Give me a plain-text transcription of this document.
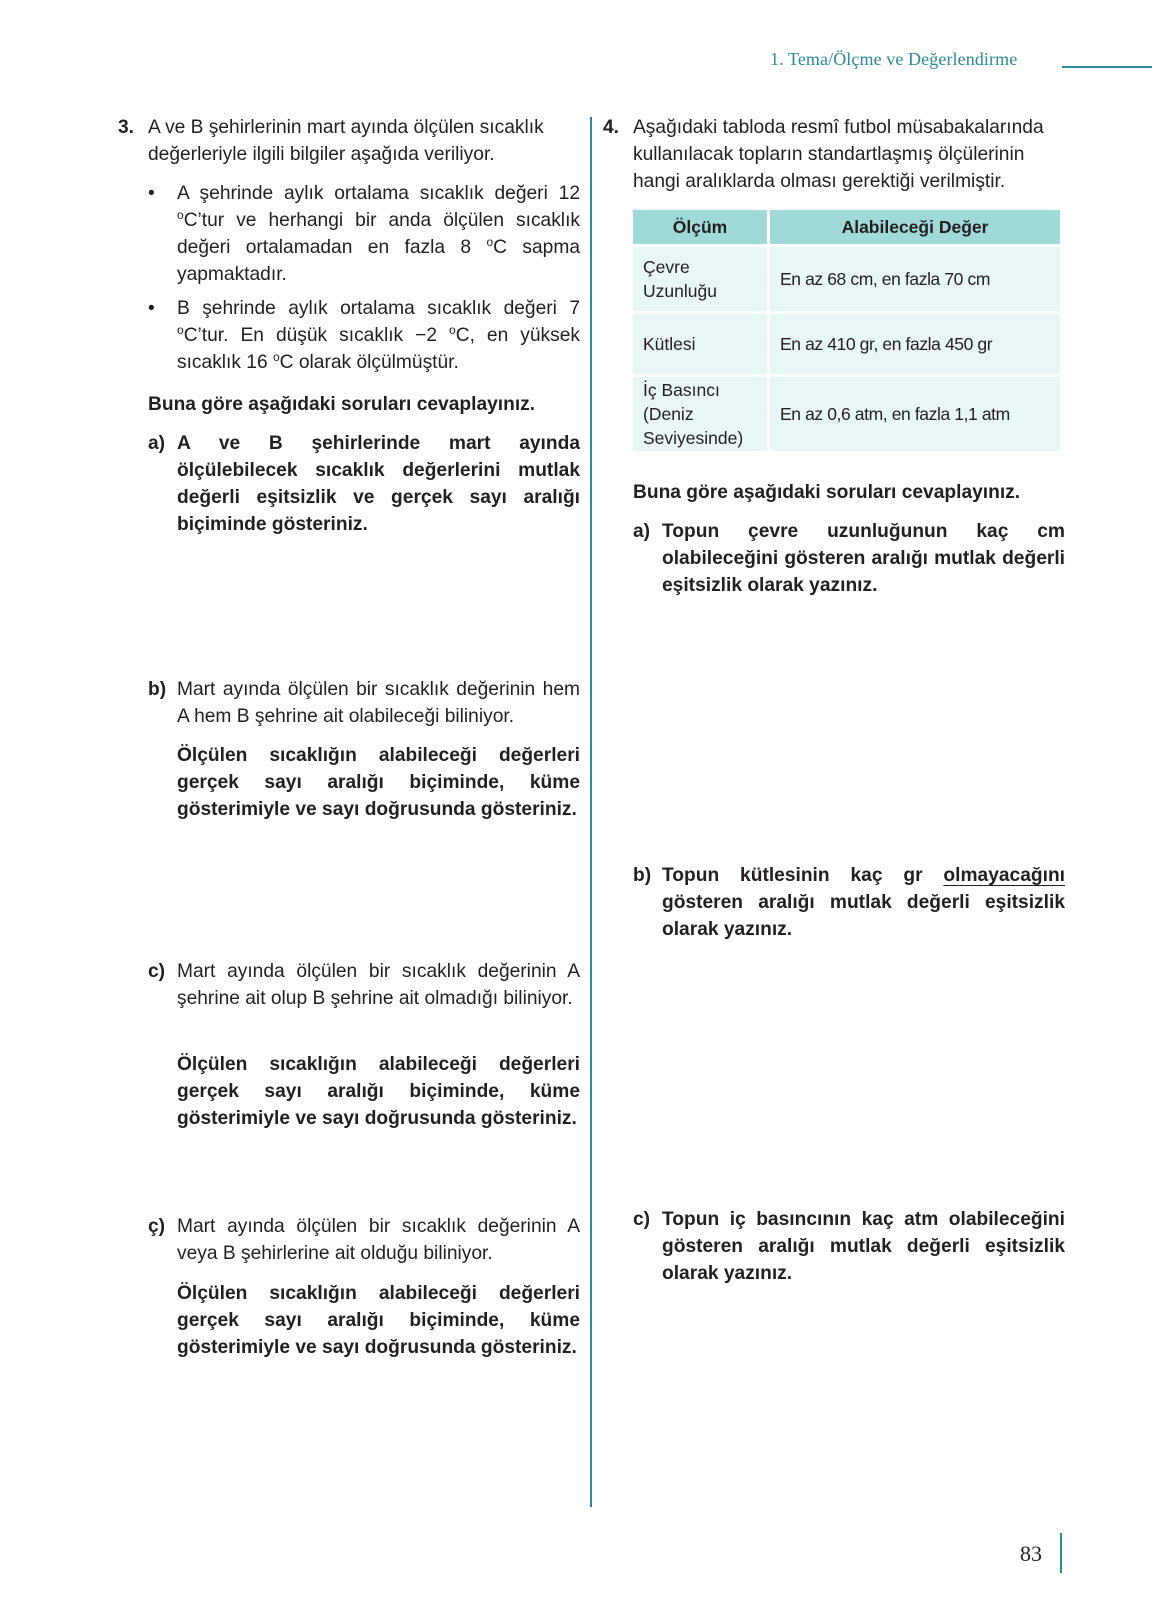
1. Tema/Ölçme ve Değerlendirme
3. A ve B şehirlerinin mart ayında ölçülen sıcaklık değerleriyle ilgili bilgiler aşağıda veriliyor.
• A şehrinde aylık ortalama sıcaklık değeri 12 $^o$C’tur ve herhangi bir anda ölçülen sıcaklık değeri ortalamadan en fazla 8 $^o$C sapma yapmaktadır.
• B şehrinde aylık ortalama sıcaklık değeri 7 $^o$C’tur. En düşük sıcaklık −2 $^o$C, en yüksek sıcaklık 16 $^o$C olarak ölçülmüştür.
Buna göre aşağıdaki soruları cevaplayınız.
a) A ve B şehirlerinde mart ayında ölçülebilecek sıcaklık değerlerini mutlak değerli eşitsizlik ve gerçek sayı aralığı biçiminde gösteriniz.
b) Mart ayında ölçülen bir sıcaklık değerinin hem A hem B şehrine ait olabileceği biliniyor.
Ölçülen sıcaklığın alabileceği değerleri gerçek sayı aralığı biçiminde, küme gösterimiyle ve sayı doğrusunda gösteriniz.
c) Mart ayında ölçülen bir sıcaklık değerinin A şehrine ait olup B şehrine ait olmadığı biliniyor.
Ölçülen sıcaklığın alabileceği değerleri gerçek sayı aralığı biçiminde, küme gösterimiyle ve sayı doğrusunda gösteriniz.
ç) Mart ayında ölçülen bir sıcaklık değerinin A veya B şehirlerine ait olduğu biliniyor.
Ölçülen sıcaklığın alabileceği değerleri gerçek sayı aralığı biçiminde, küme gösterimiyle ve sayı doğrusunda gösteriniz.
4. Aşağıdaki tabloda resmî futbol müsabakalarında kullanılacak topların standartlaşmış ölçülerinin hangi aralıklarda olması gerektiği verilmiştir.
Ölçüm	Alabileceği Değer
Çevre Uzunluğu	En az 68 cm, en fazla 70 cm
Kütlesi	En az 410 gr, en fazla 450 gr
İç Basıncı (Deniz Seviyesinde)	En az 0,6 atm, en fazla 1,1 atm
Buna göre aşağıdaki soruları cevaplayınız.
a) Topun çevre uzunluğunun kaç cm olabileceğini gösteren aralığı mutlak değerli eşitsizlik olarak yazınız.
b) Topun kütlesinin kaç gr olmayacağını gösteren aralığı mutlak değerli eşitsizlik olarak yazınız.
c) Topun iç basıncının kaç atm olabileceğini gösteren aralığı mutlak değerli eşitsizlik olarak yazınız.
83
